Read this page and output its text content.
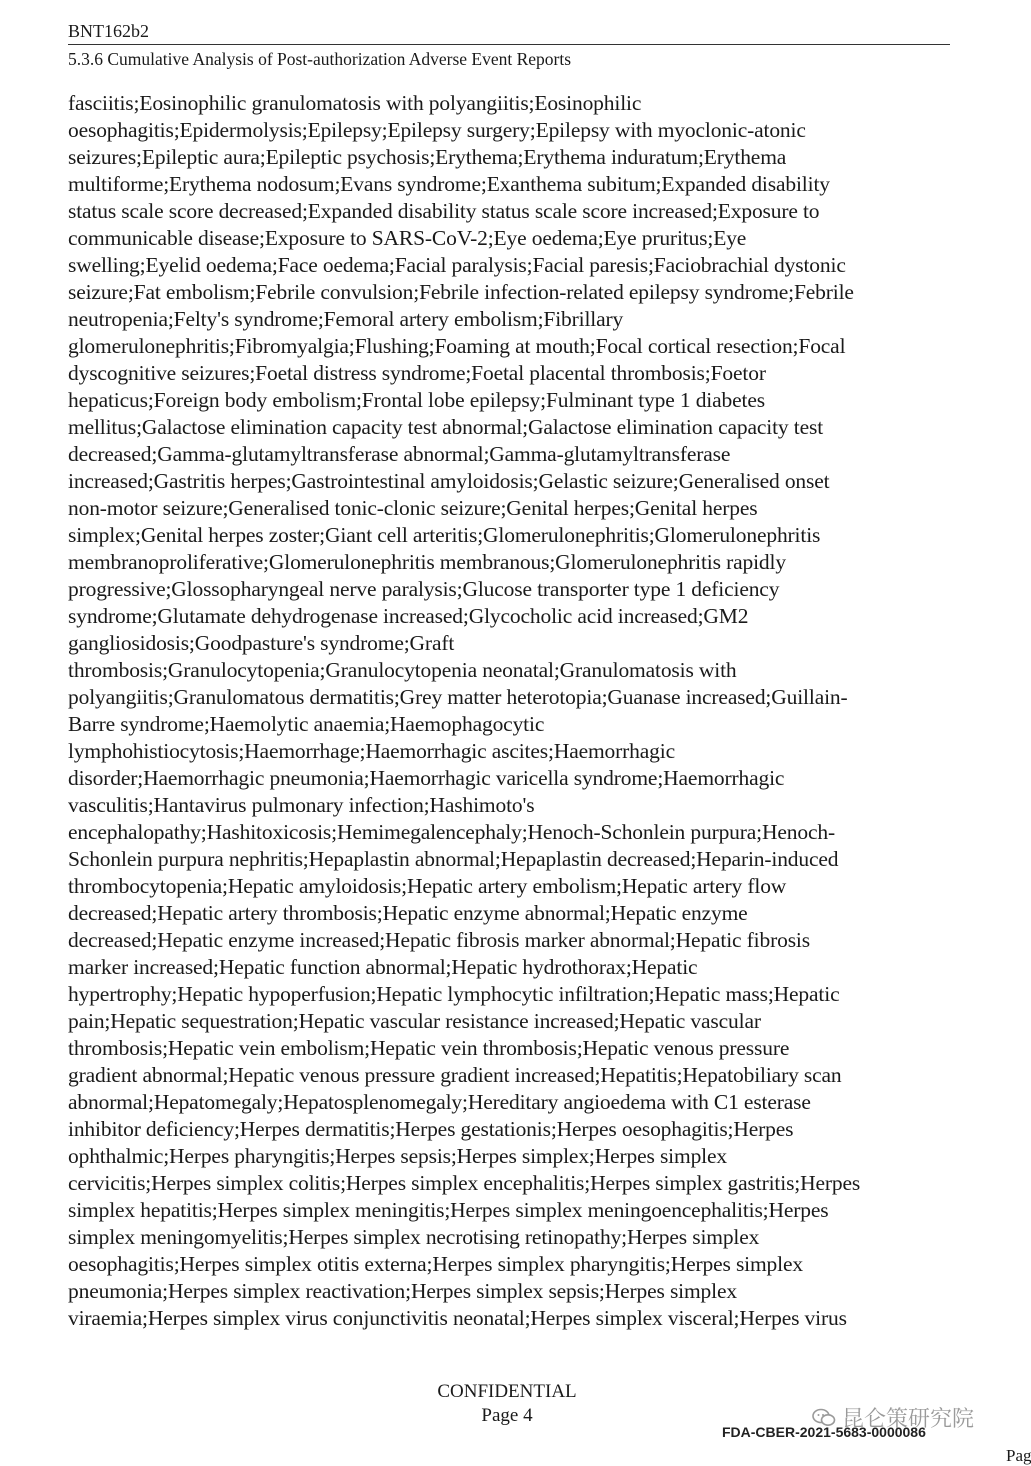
BNT162b2
5.3.6 Cumulative Analysis of Post-authorization Adverse Event Reports
fasciitis;Eosinophilic granulomatosis with polyangiitis;Eosinophilic
oesophagitis;Epidermolysis;Epilepsy;Epilepsy surgery;Epilepsy with myoclonic-atonic
seizures;Epileptic aura;Epileptic psychosis;Erythema;Erythema induratum;Erythema
multiforme;Erythema nodosum;Evans syndrome;Exanthema subitum;Expanded disability
status scale score decreased;Expanded disability status scale score increased;Exposure to
communicable disease;Exposure to SARS-CoV-2;Eye oedema;Eye pruritus;Eye
swelling;Eyelid oedema;Face oedema;Facial paralysis;Facial paresis;Faciobrachial dystonic
seizure;Fat embolism;Febrile convulsion;Febrile infection-related epilepsy syndrome;Febrile
neutropenia;Felty's syndrome;Femoral artery embolism;Fibrillary
glomerulonephritis;Fibromyalgia;Flushing;Foaming at mouth;Focal cortical resection;Focal
dyscognitive seizures;Foetal distress syndrome;Foetal placental thrombosis;Foetor
hepaticus;Foreign body embolism;Frontal lobe epilepsy;Fulminant type 1 diabetes
mellitus;Galactose elimination capacity test abnormal;Galactose elimination capacity test
decreased;Gamma-glutamyltransferase abnormal;Gamma-glutamyltransferase
increased;Gastritis herpes;Gastrointestinal amyloidosis;Gelastic seizure;Generalised onset
non-motor seizure;Generalised tonic-clonic seizure;Genital herpes;Genital herpes
simplex;Genital herpes zoster;Giant cell arteritis;Glomerulonephritis;Glomerulonephritis
membranoproliferative;Glomerulonephritis membranous;Glomerulonephritis rapidly
progressive;Glossopharyngeal nerve paralysis;Glucose transporter type 1 deficiency
syndrome;Glutamate dehydrogenase increased;Glycocholic acid increased;GM2
gangliosidosis;Goodpasture's syndrome;Graft
thrombosis;Granulocytopenia;Granulocytopenia neonatal;Granulomatosis with
polyangiitis;Granulomatous dermatitis;Grey matter heterotopia;Guanase increased;Guillain-
Barre syndrome;Haemolytic anaemia;Haemophagocytic
lymphohistiocytosis;Haemorrhage;Haemorrhagic ascites;Haemorrhagic
disorder;Haemorrhagic pneumonia;Haemorrhagic varicella syndrome;Haemorrhagic
vasculitis;Hantavirus pulmonary infection;Hashimoto's
encephalopathy;Hashitoxicosis;Hemimegalencephaly;Henoch-Schonlein purpura;Henoch-
Schonlein purpura nephritis;Hepaplastin abnormal;Hepaplastin decreased;Heparin-induced
thrombocytopenia;Hepatic amyloidosis;Hepatic artery embolism;Hepatic artery flow
decreased;Hepatic artery thrombosis;Hepatic enzyme abnormal;Hepatic enzyme
decreased;Hepatic enzyme increased;Hepatic fibrosis marker abnormal;Hepatic fibrosis
marker increased;Hepatic function abnormal;Hepatic hydrothorax;Hepatic
hypertrophy;Hepatic hypoperfusion;Hepatic lymphocytic infiltration;Hepatic mass;Hepatic
pain;Hepatic sequestration;Hepatic vascular resistance increased;Hepatic vascular
thrombosis;Hepatic vein embolism;Hepatic vein thrombosis;Hepatic venous pressure
gradient abnormal;Hepatic venous pressure gradient increased;Hepatitis;Hepatobiliary scan
abnormal;Hepatomegaly;Hepatosplenomegaly;Hereditary angioedema with C1 esterase
inhibitor deficiency;Herpes dermatitis;Herpes gestationis;Herpes oesophagitis;Herpes
ophthalmic;Herpes pharyngitis;Herpes sepsis;Herpes simplex;Herpes simplex
cervicitis;Herpes simplex colitis;Herpes simplex encephalitis;Herpes simplex gastritis;Herpes
simplex hepatitis;Herpes simplex meningitis;Herpes simplex meningoencephalitis;Herpes
simplex meningomyelitis;Herpes simplex necrotising retinopathy;Herpes simplex
oesophagitis;Herpes simplex otitis externa;Herpes simplex pharyngitis;Herpes simplex
pneumonia;Herpes simplex reactivation;Herpes simplex sepsis;Herpes simplex
viraemia;Herpes simplex virus conjunctivitis neonatal;Herpes simplex visceral;Herpes virus
CONFIDENTIAL
Page 4	昆仑策研究院
FDA-CBER-2021-5683-0000086
Pag
